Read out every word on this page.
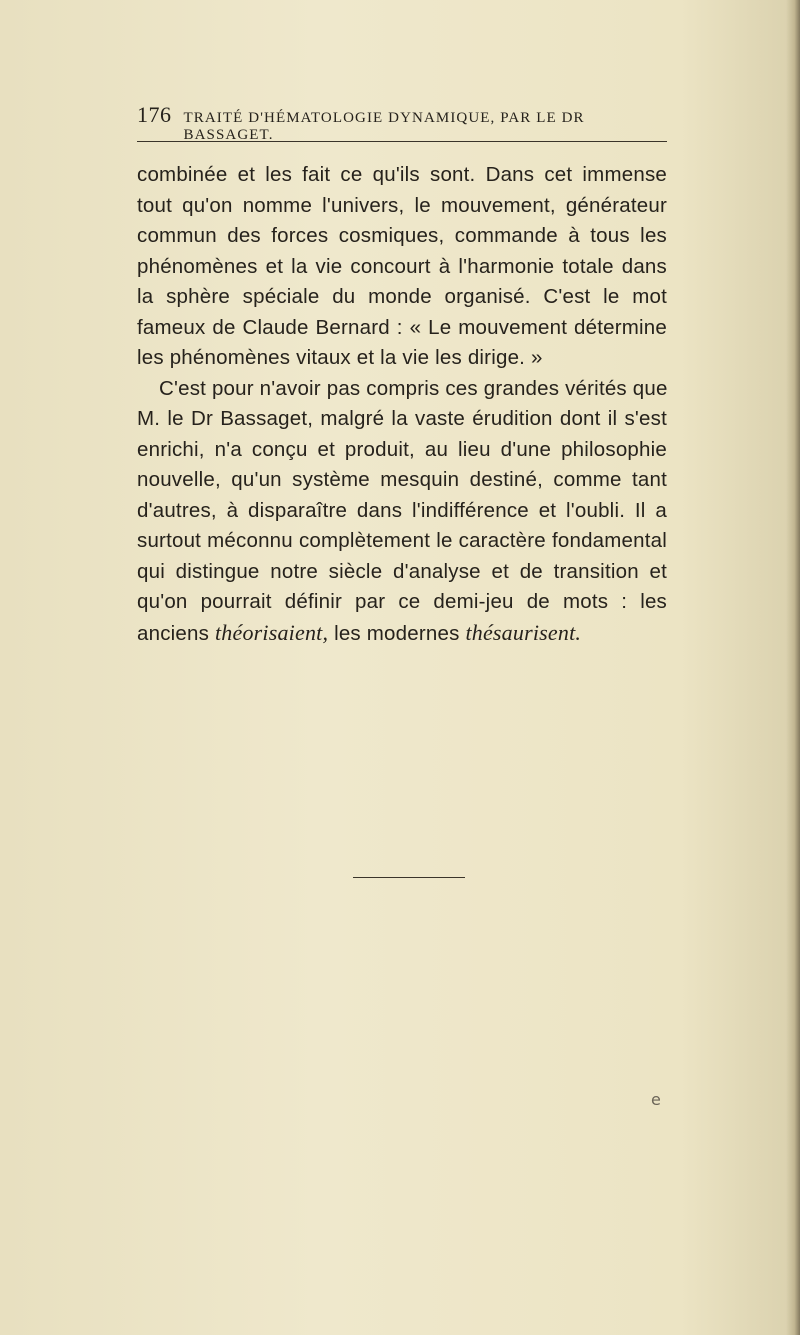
176 TRAITÉ D'HÉMATOLOGIE DYNAMIQUE, PAR LE DR BASSAGET.
combinée et les fait ce qu'ils sont. Dans cet immense
tout qu'on nomme l'univers, le mouvement, générateur
commun des forces cosmiques, commande à tous les
phénomènes et la vie concourt à l'harmonie totale dans
la sphère spéciale du monde organisé. C'est le mot
fameux de Claude Bernard : « Le mouvement détermine
les phénomènes vitaux et la vie les dirige. »
C'est pour n'avoir pas compris ces grandes vérités que
M. le Dr Bassaget, malgré la vaste érudition dont il s'est
enrichi, n'a conçu et produit, au lieu d'une philosophie
nouvelle, qu'un système mesquin destiné, comme tant
d'autres, à disparaître dans l'indifférence et l'oubli. Il a
surtout méconnu complètement le caractère fondamental
qui distingue notre siècle d'analyse et de transition et
qu'on pourrait définir par ce demi-jeu de mots : les
anciens théorisaient, les modernes thésaurisent.
e
